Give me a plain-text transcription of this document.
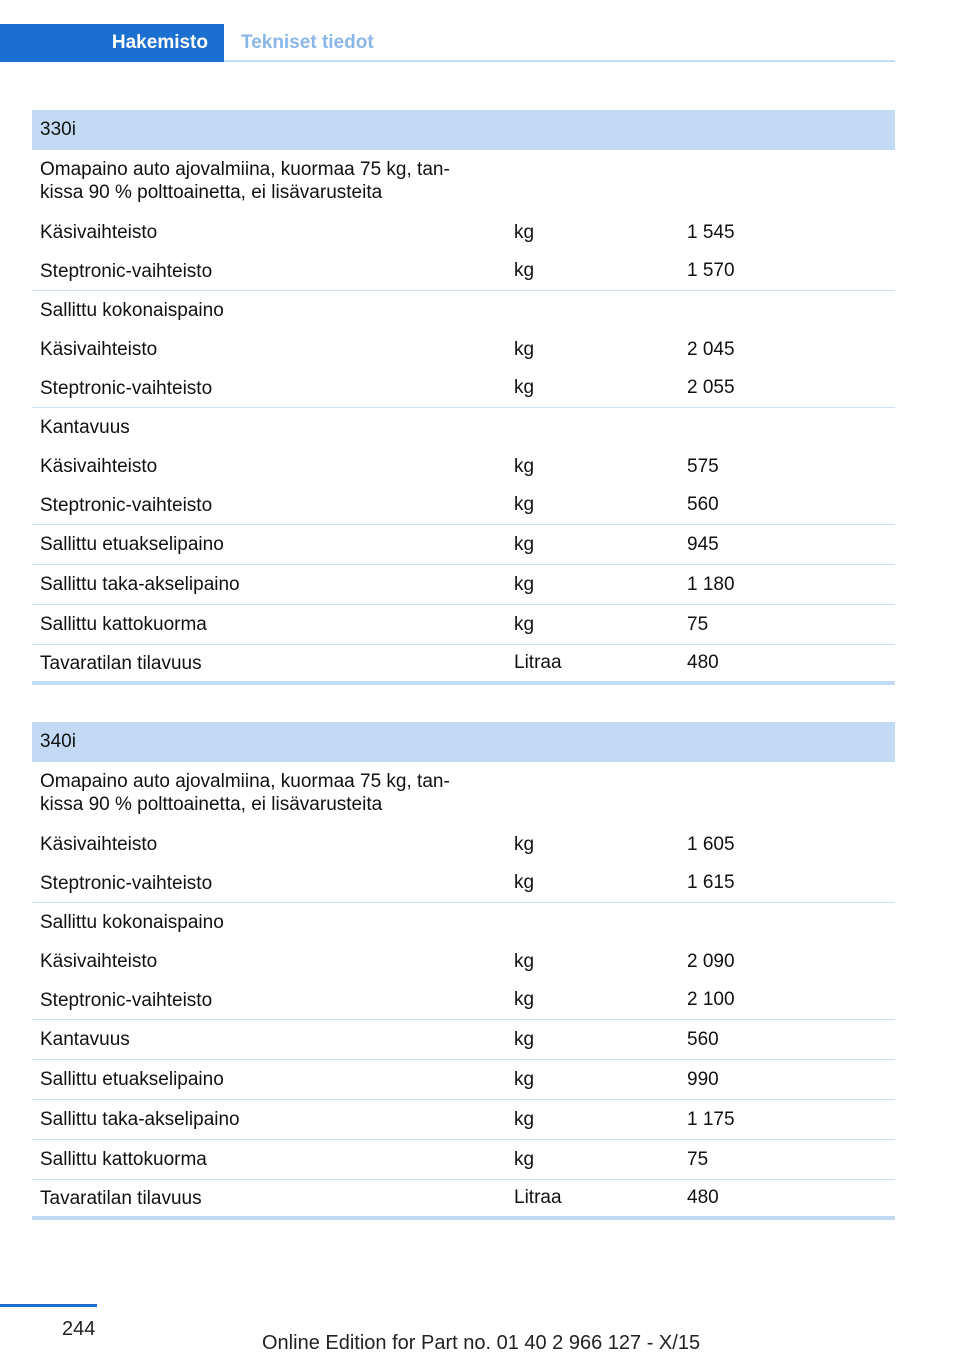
Hakemisto	Tekniset tiedot
330i
Omapaino auto ajovalmiina, kuormaa 75 kg, tan-kissa 90 % polttoainetta, ei lisävarusteita
Käsivaihteisto	kg	1 545
Steptronic-vaihteisto	kg	1 570
Sallittu kokonaispaino
Käsivaihteisto	kg	2 045
Steptronic-vaihteisto	kg	2 055
Kantavuus
Käsivaihteisto	kg	575
Steptronic-vaihteisto	kg	560
Sallittu etuakselipaino	kg	945
Sallittu taka-akselipaino	kg	1 180
Sallittu kattokuorma	kg	75
Tavaratilan tilavuus	Litraa	480
340i
Omapaino auto ajovalmiina, kuormaa 75 kg, tan-kissa 90 % polttoainetta, ei lisävarusteita
Käsivaihteisto	kg	1 605
Steptronic-vaihteisto	kg	1 615
Sallittu kokonaispaino
Käsivaihteisto	kg	2 090
Steptronic-vaihteisto	kg	2 100
Kantavuus	kg	560
Sallittu etuakselipaino	kg	990
Sallittu taka-akselipaino	kg	1 175
Sallittu kattokuorma	kg	75
Tavaratilan tilavuus	Litraa	480
244
Online Edition for Part no. 01 40 2 966 127 - X/15
